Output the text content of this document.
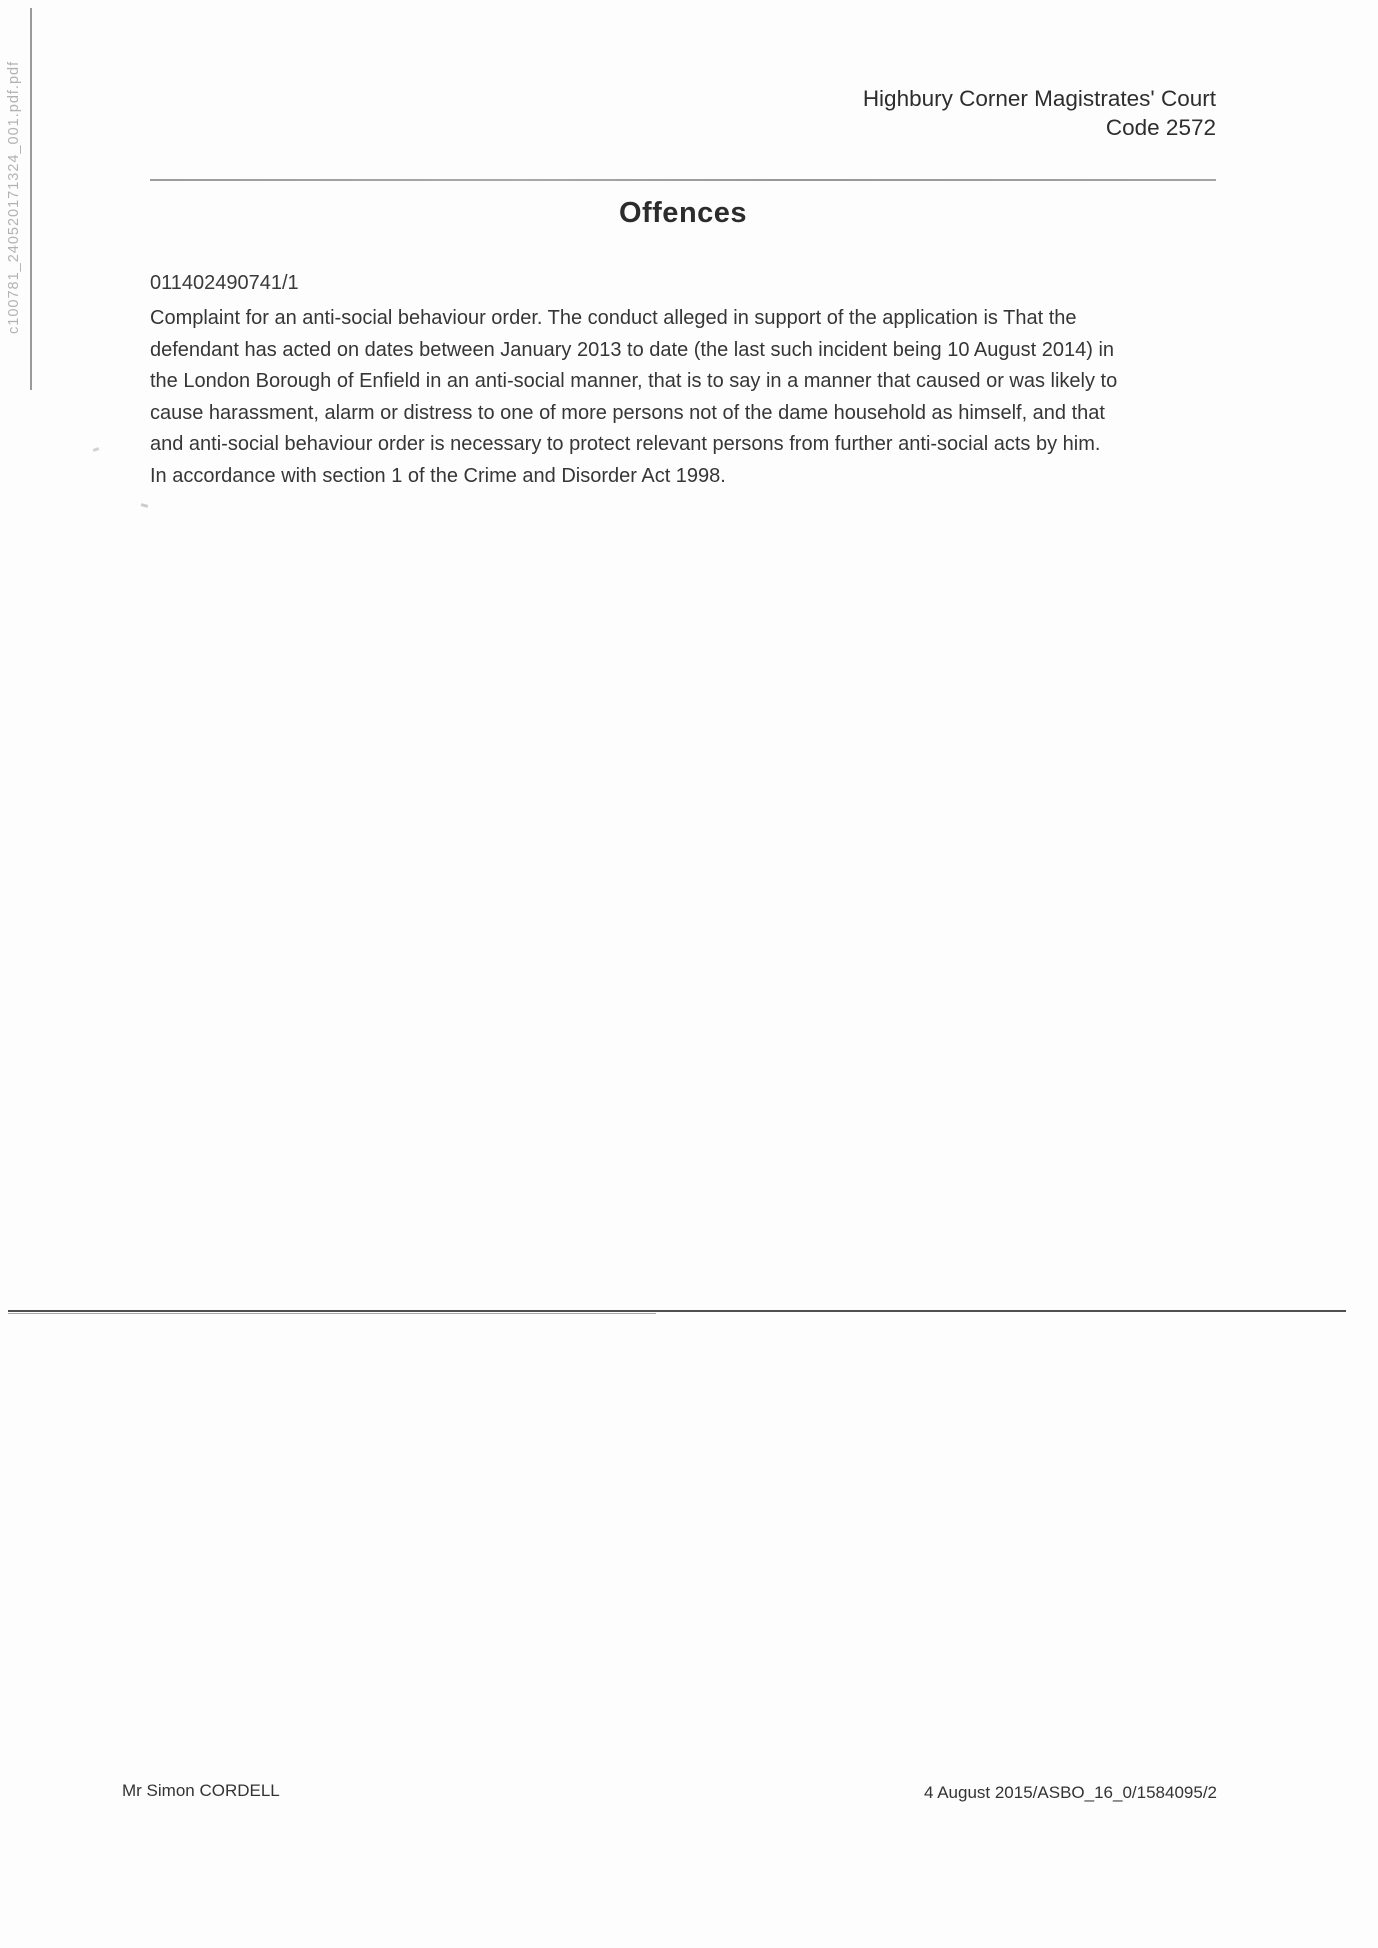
c100781_240520171324_001.pdf.pdf	Highbury Corner Magistrates' Court
Code 2572
Offences
011402490741/1
Complaint for an anti-social behaviour order. The conduct alleged in support of the application is That the
defendant has acted on dates between January 2013 to date (the last such incident being 10 August 2014) in
the London Borough of Enfield in an anti-social manner, that is to say in a manner that caused or was likely to
cause harassment, alarm or distress to one of more persons not of the dame household as himself, and that
and anti-social behaviour order is necessary to protect relevant persons from further anti-social acts by him.
In accordance with section 1 of the Crime and Disorder Act 1998.
Mr Simon CORDELL	4 August 2015/ASBO_16_0/1584095/2
